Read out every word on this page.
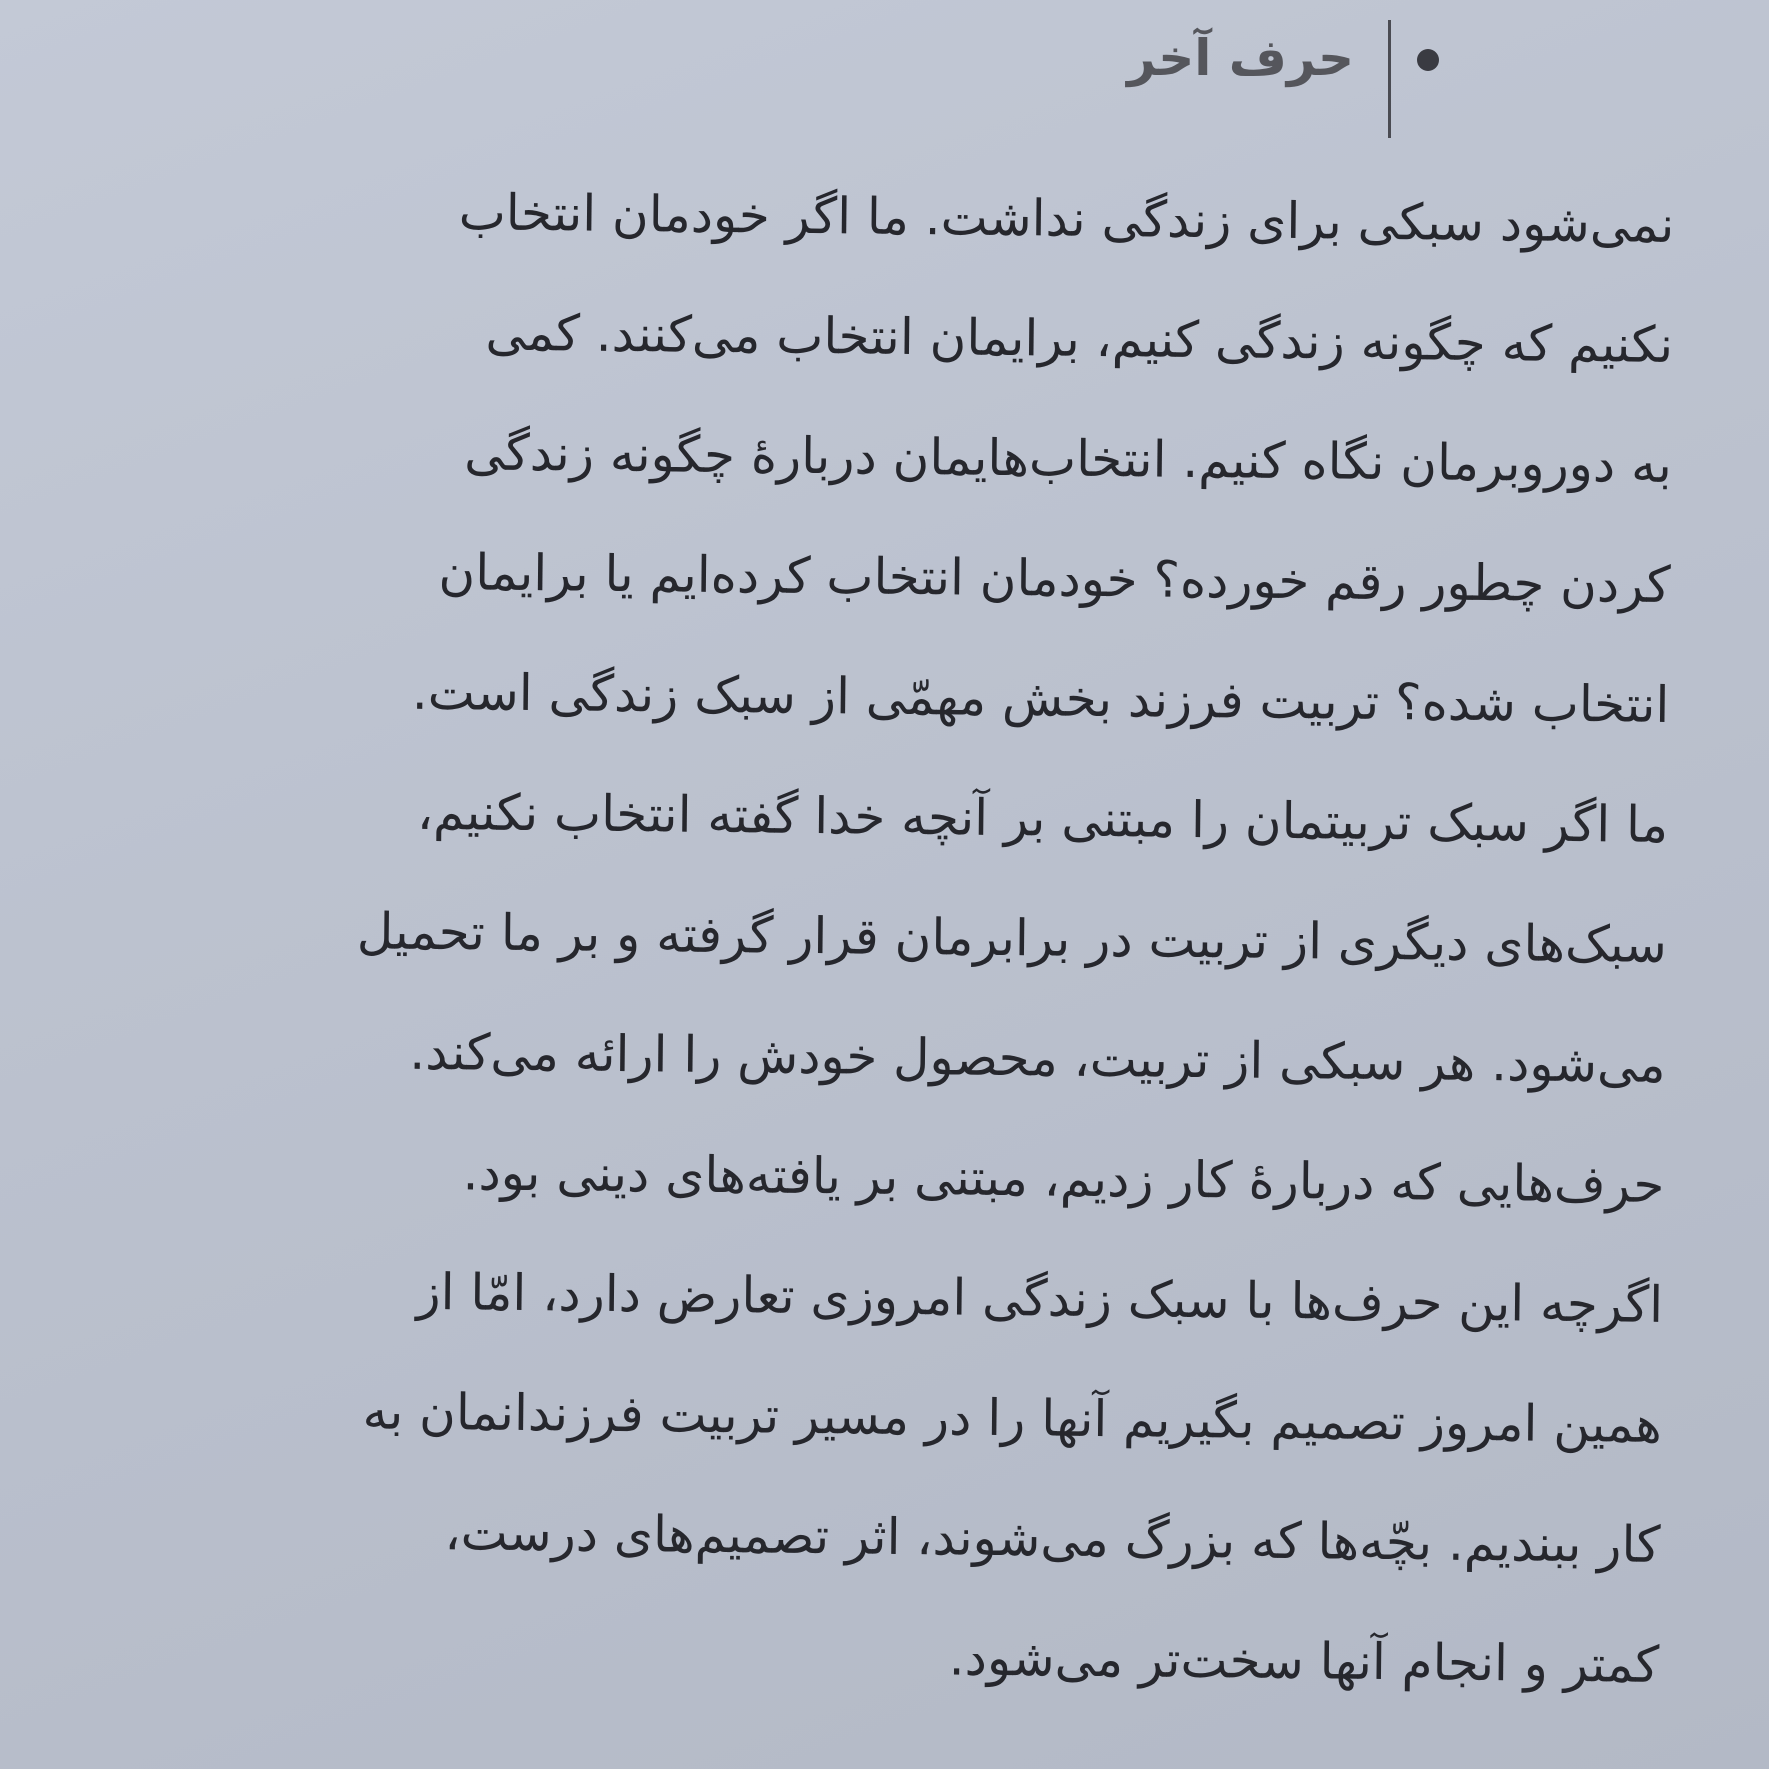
حرف آخر
نمی‌شود سبکی برای زندگی نداشت. ما اگر خودمان انتخاب
نکنیم که چگونه زندگی کنیم، برایمان انتخاب می‌کنند. کمی
به دوروبرمان نگاه کنیم. انتخاب‌هایمان دربارۀ چگونه زندگی
کردن چطور رقم خورده؟ خودمان انتخاب کرده‌ایم یا برایمان
انتخاب شده؟ تربیت فرزند بخش مهمّی از سبک زندگی است.
ما اگر سبک تربیتمان را مبتنی بر آنچه خدا گفته انتخاب نکنیم،
سبک‌های دیگری از تربیت در برابرمان قرار گرفته و بر ما تحمیل
می‌شود. هر سبکی از تربیت، محصول خودش را ارائه می‌کند.
حرف‌هایی که دربارۀ کار زدیم، مبتنی بر یافته‌های دینی بود.
اگرچه این حرف‌ها با سبک زندگی امروزی تعارض دارد، امّا از
همین امروز تصمیم بگیریم آنها را در مسیر تربیت فرزندانمان به
کار ببندیم. بچّه‌ها که بزرگ می‌شوند، اثر تصمیم‌های درست،
کمتر و انجام آنها سخت‌تر می‌شود.
